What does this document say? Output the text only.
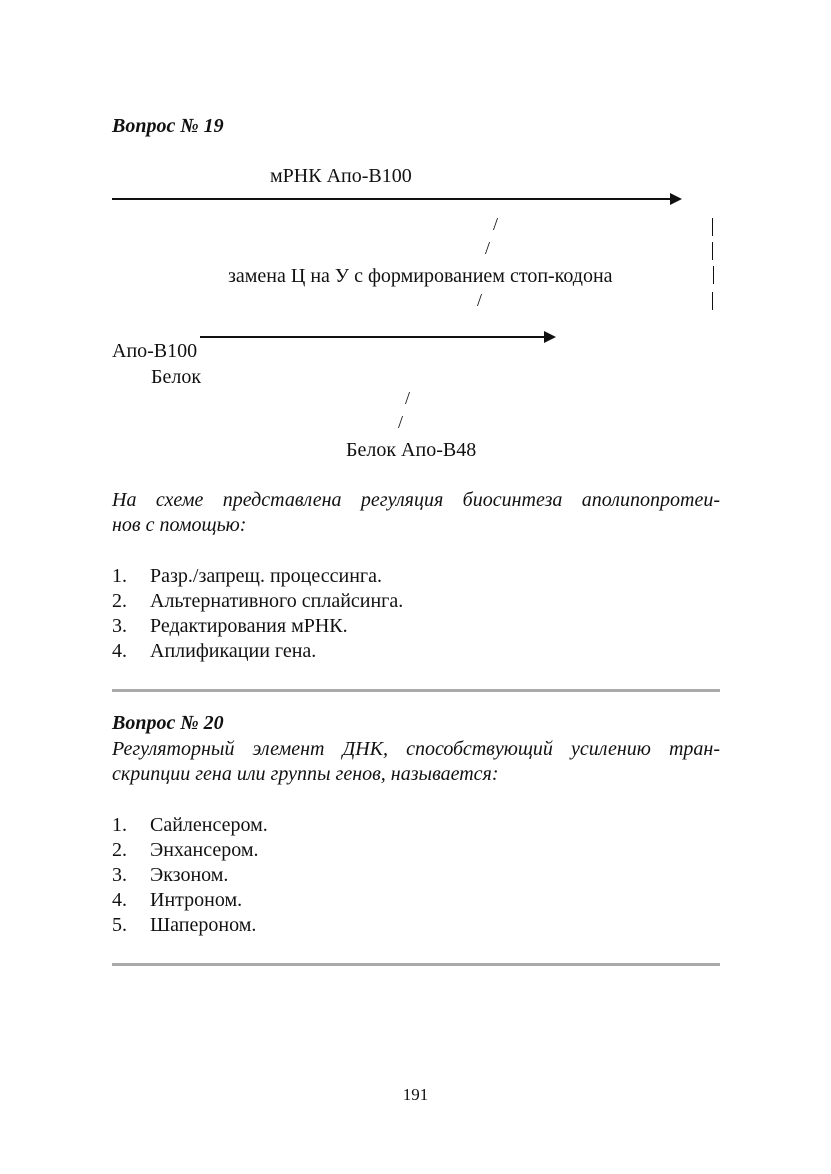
Вопрос № 19
мРНК Апо-В100
/
/
/
замена Ц на У с формированием стоп-кодона
Апо-В100
Белок
/
/
Белок Апо-В48
На схеме представлена регуляция биосинтеза аполипопротеи-
нов с помощью:
1. Разр./запрещ. процессинга.
2. Альтернативного сплайсинга.
3. Редактирования мРНК.
4. Аплификации гена.
Вопрос № 20
Регуляторный элемент ДНК, способствующий усилению тран-
скрипции гена или группы генов, называется:
1. Сайленсером.
2. Энхансером.
3. Экзоном.
4. Интроном.
5. Шапероном.
191
